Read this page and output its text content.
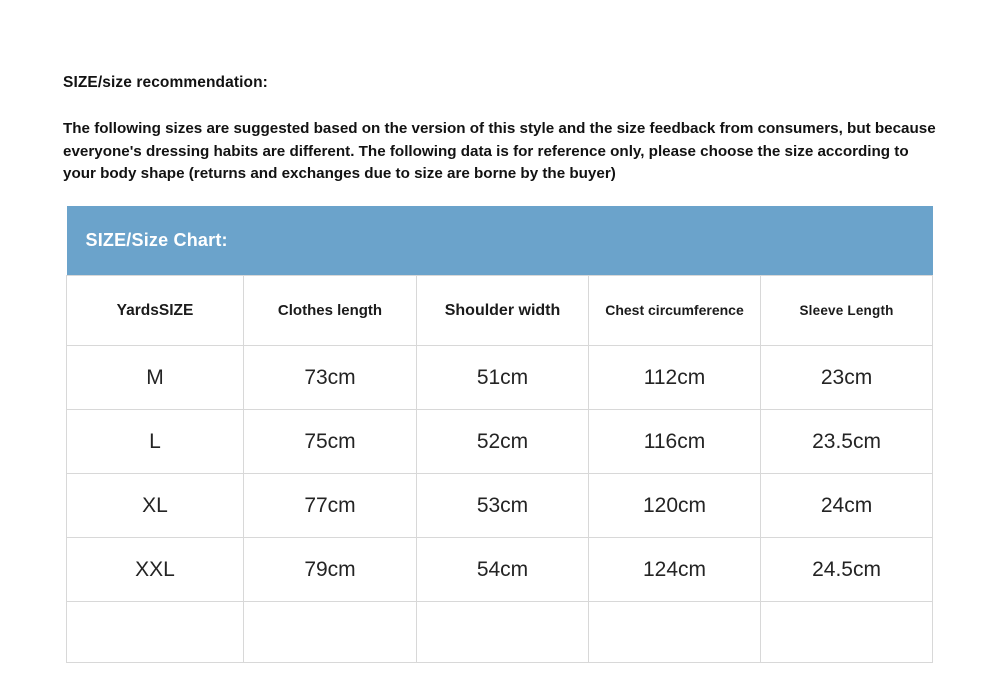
SIZE/size recommendation:
The following sizes are suggested based on the version of this style and the size feedback from consumers, but because everyone's dressing habits are different. The following data is for reference only, please choose the size according to your body shape (returns and exchanges due to size are borne by the buyer)
SIZE/Size Chart:				
YardsSIZE	Clothes length	Shoulder width	Chest circumference	Sleeve Length
M	73cm	51cm	112cm	23cm
L	75cm	52cm	116cm	23.5cm
XL	77cm	53cm	120cm	24cm
XXL	79cm	54cm	124cm	24.5cm
